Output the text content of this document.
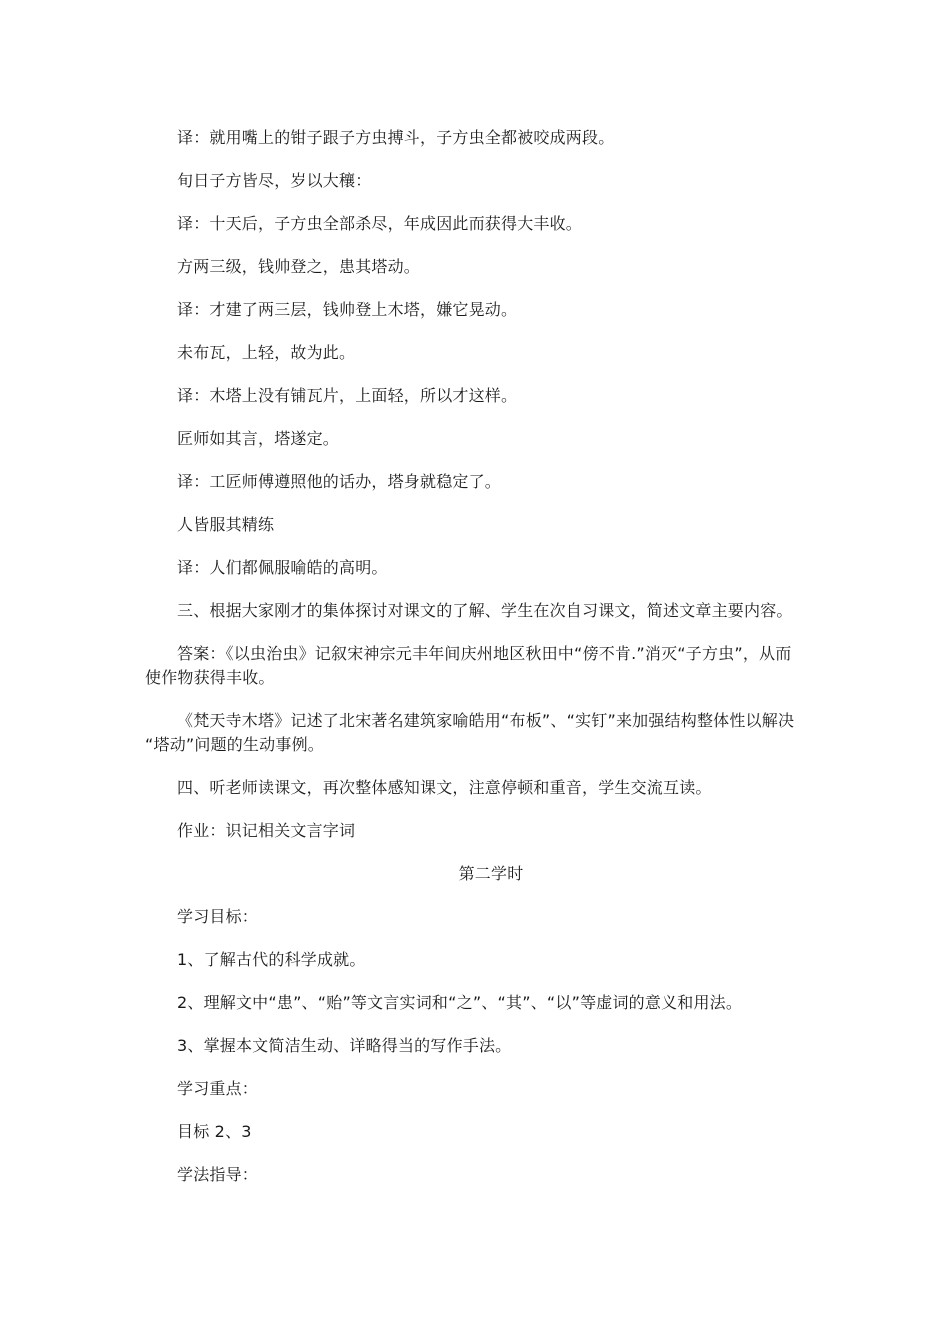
译：就用嘴上的钳子跟子方虫搏斗，子方虫全都被咬成两段。
旬日子方皆尽，岁以大穰：
译：十天后，子方虫全部杀尽，年成因此而获得大丰收。
方两三级，钱帅登之，患其塔动。
译：才建了两三层，钱帅登上木塔，嫌它晃动。
未布瓦，上轻，故为此。
译：木塔上没有铺瓦片，上面轻，所以才这样。
匠师如其言，塔遂定。
译：工匠师傅遵照他的话办，塔身就稳定了。
人皆服其精练
译：人们都佩服喻皓的高明。
三、根据大家刚才的集体探讨对课文的了解、学生在次自习课文，简述文章主要内容。
答案：《以虫治虫》记叙宋神宗元丰年间庆州地区秋田中“傍不肯.”消灭“子方虫”，从而
使作物获得丰收。
《梵天寺木塔》记述了北宋著名建筑家喻皓用“布板”、“实钉”来加强结构整体性以解决
“塔动”问题的生动事例。
四、听老师读课文，再次整体感知课文，注意停顿和重音，学生交流互读。
作业：识记相关文言字词
第二学时
学习目标：
1、了解古代的科学成就。
2、理解文中“患”、“贻”等文言实词和“之”、“其”、“以”等虚词的意义和用法。
3、掌握本文简洁生动、详略得当的写作手法。
学习重点：
目标 2、3
学法指导：
